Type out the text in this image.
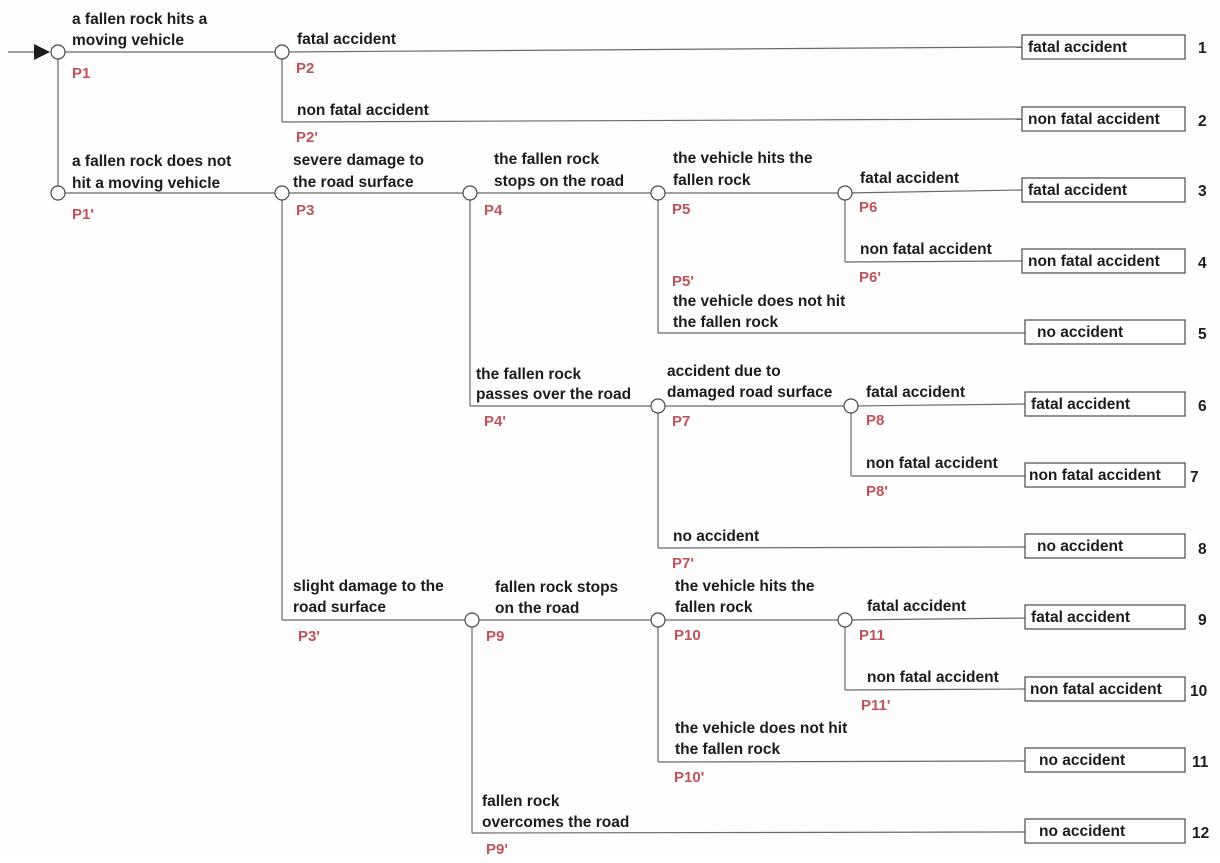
a fallen rock hits a
moving vehicle
a fallen rock does not
hit a moving vehicle
fatal accident
non fatal accident
severe damage to
the road surface
slight damage to the
road surface
the fallen rock
stops on the road
the fallen rock
passes over the road
the vehicle hits the
fallen rock
the vehicle does not hit
the fallen rock
fatal accident
non fatal accident
accident due to
damaged road surface
no accident
fatal accident
non fatal accident
fallen rock stops
on the road
fallen rock
overcomes the road
the vehicle hits the
fallen rock
the vehicle does not hit
the fallen rock
fatal accident
non fatal accident
P1
P1'
P2
P2'
P3
P3'
P4
P4'
P5
P5'
P6
P6'
P7
P7'
P8
P8'
P9
P9'
P10
P10'
P11
P11'
fatal accident	1
non fatal accident 2
fatal accident	3
non fatal accident 4
no accident	5
fatal accident	6
non fatal accident 7
no accident	8
fatal accident	9
non fatal accident 10
no accident	11
no accident	12
